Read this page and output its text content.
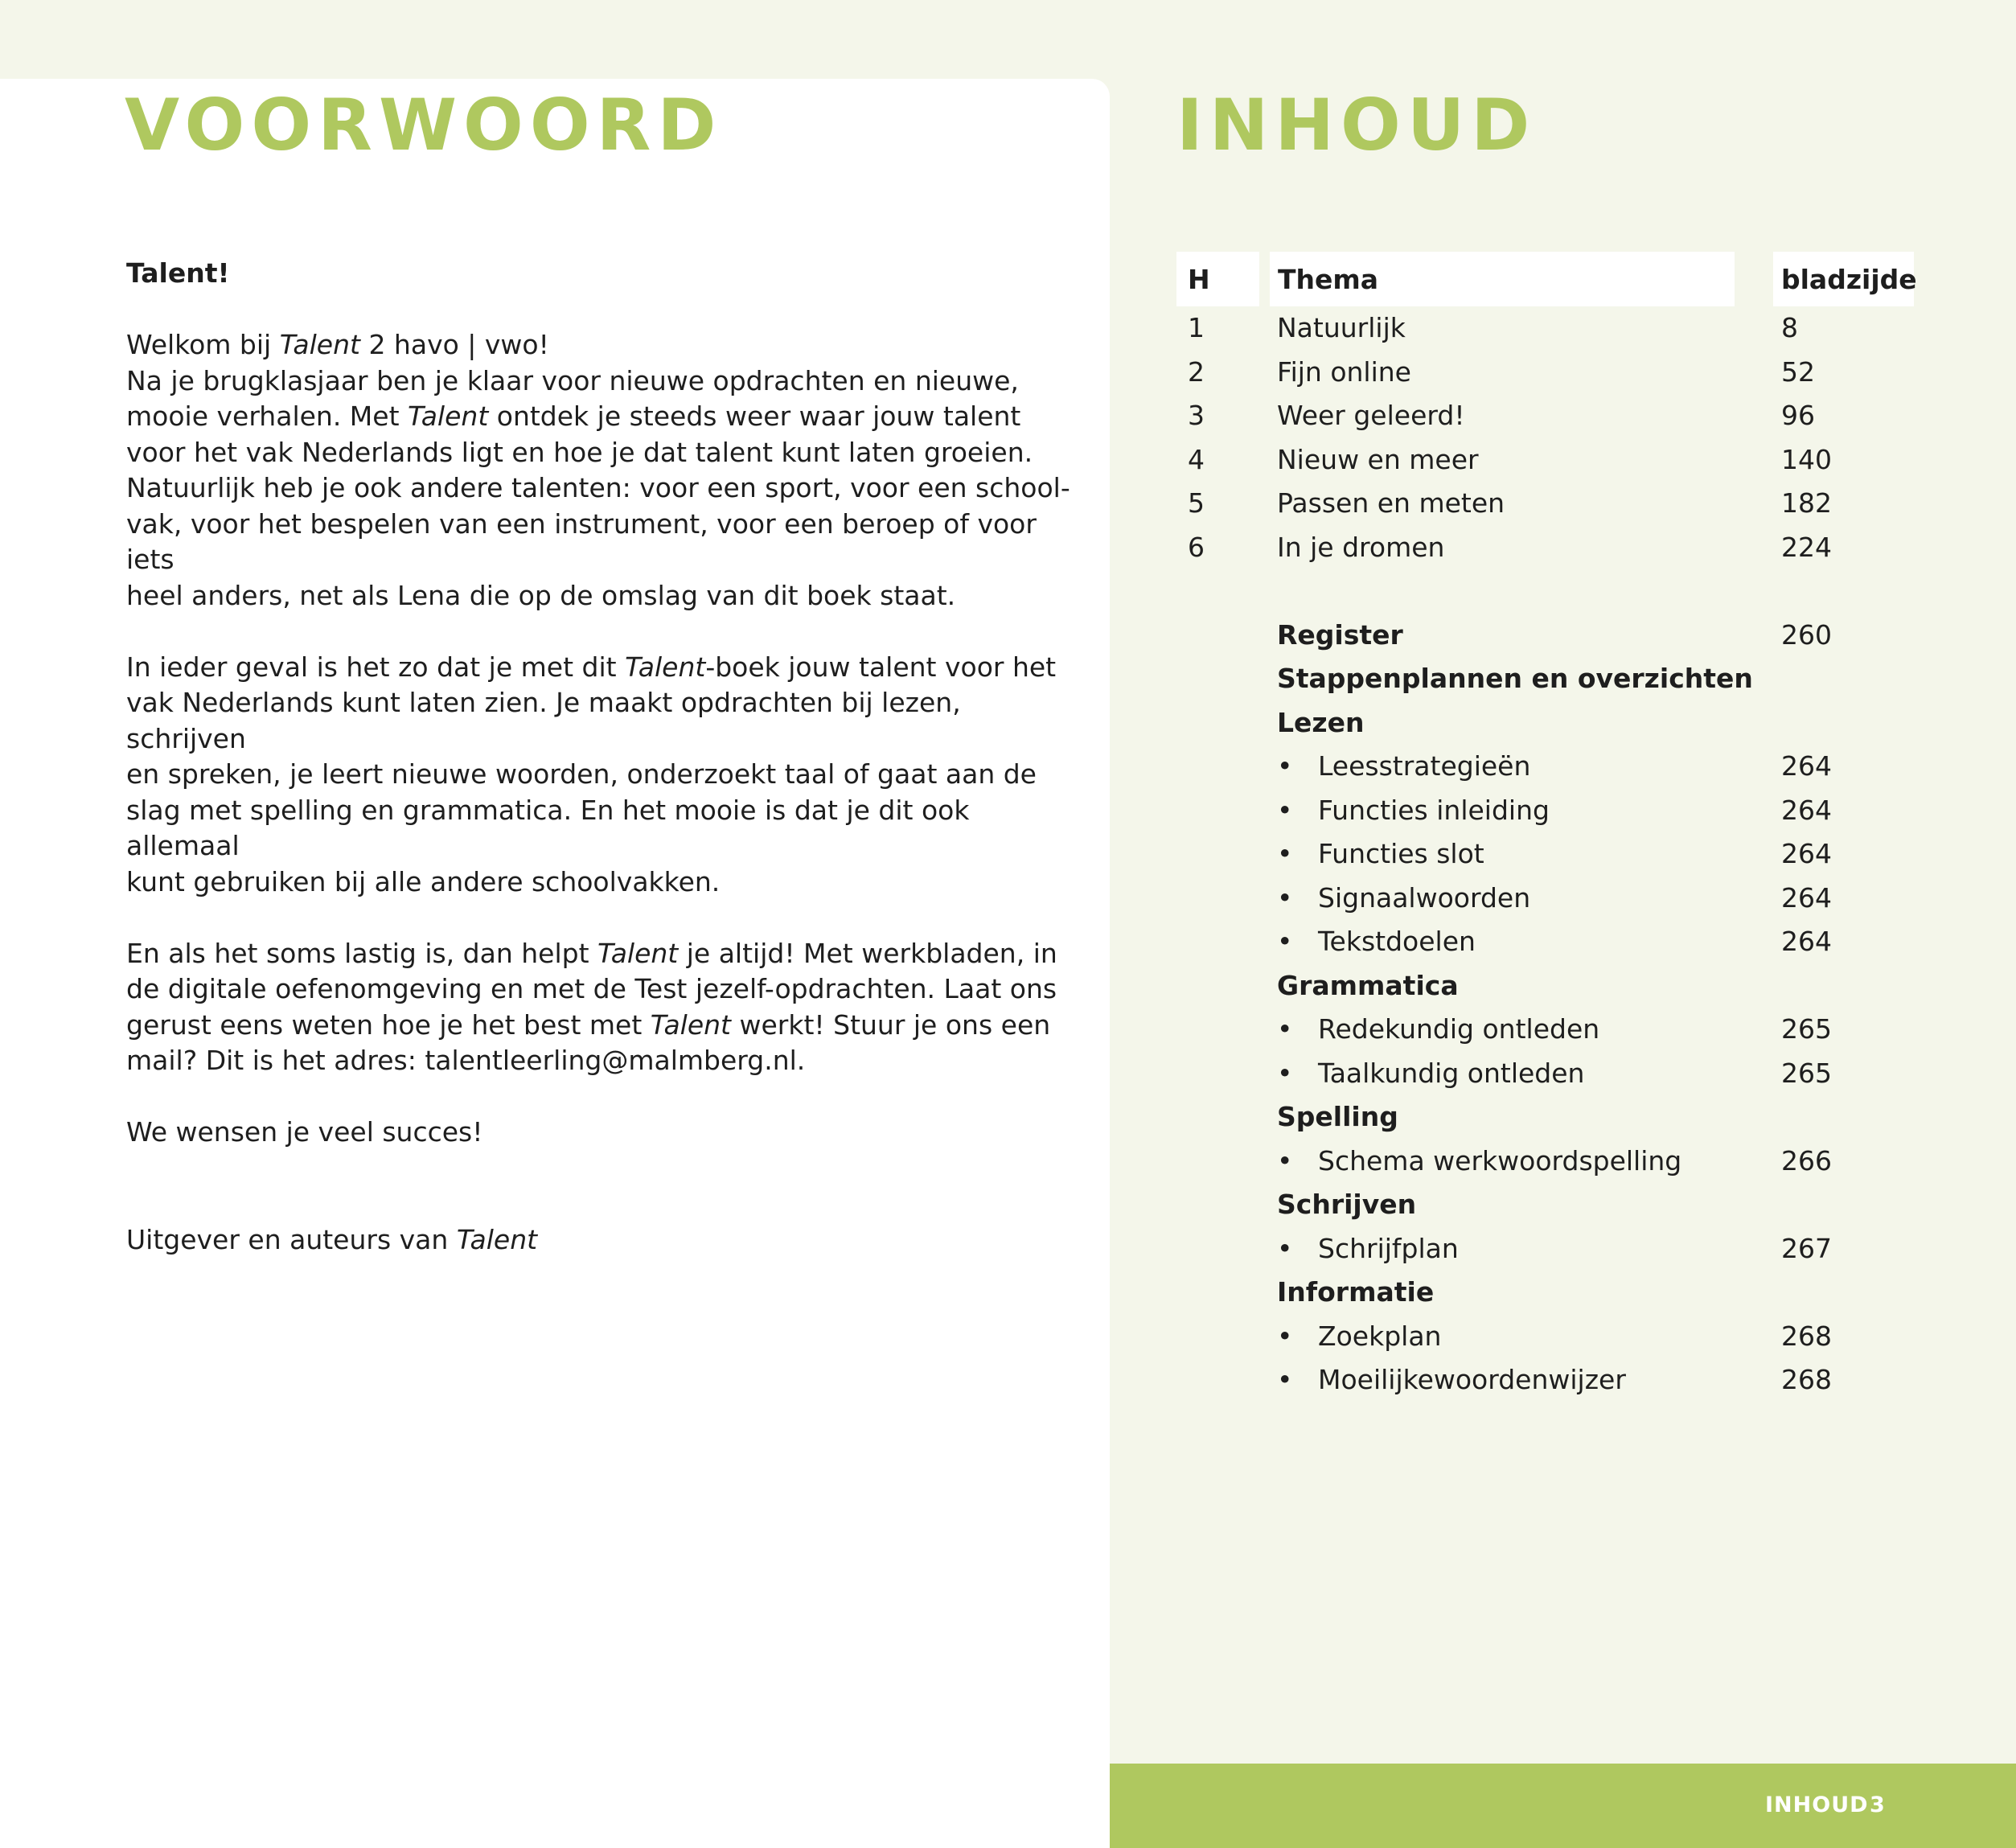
VOORWOORD	INHOUD

Talent!

Welkom bij Talent 2 havo | vwo!

Na je brugklasjaar ben je klaar voor nieuwe opdrachten en nieuwe,

mooie verhalen. Met Talent ontdek je steeds weer waar jouw talent

voor het vak Nederlands ligt en hoe je dat talent kunt laten groeien.

Natuurlijk heb je ook andere talenten: voor een sport, voor een school-

vak, voor het bespelen van een instrument, voor een beroep of voor iets

heel anders, net als Lena die op de omslag van dit boek staat.

In ieder geval is het zo dat je met dit Talent-boek jouw talent voor het

vak Nederlands kunt laten zien. Je maakt opdrachten bij lezen, schrijven

en spreken, je leert nieuwe woorden, onderzoekt taal of gaat aan de

slag met spelling en grammatica. En het mooie is dat je dit ook allemaal

kunt gebruiken bij alle andere schoolvakken.

En als het soms lastig is, dan helpt Talent je altijd! Met werkbladen, in

de digitale oefenomgeving en met de Test jezelf-opdrachten. Laat ons

gerust eens weten hoe je het best met Talent werkt! Stuur je ons een

mail? Dit is het adres: talentleerling@malmberg.nl.

We wensen je veel succes!

Uitgever en auteurs van Talent

H	Thema	bladzijde
1	Natuurlijk	8
2	Fijn online	52
3	Weer geleerd!	96
4	Nieuw en meer	140
5	Passen en meten	182
6	In je dromen	224
Register	260
Stappenplannen en overzichten
Lezen
• Leesstrategieën	264
• Functies inleiding	264
• Functies slot	264
• Signaalwoorden	264
• Tekstdoelen	264
Grammatica
• Redekundig ontleden	265
• Taalkundig ontleden	265
Spelling
• Schema werkwoordspelling	266
Schrijven
• Schrijfplan	267
Informatie
• Zoekplan	268
• Moeilijkewoordenwijzer	268
INHOUD 3
